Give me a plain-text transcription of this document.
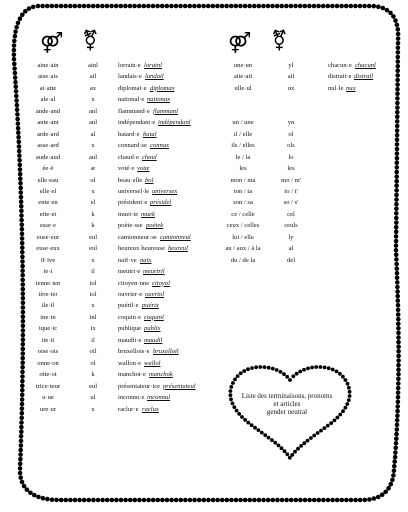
⚤ ⚧	⚤ ⚧
aine·ain	ainl	lorrain·e lorainl
aise·ais	ail	landais·e landail
ai·atte	ax	diplomat·e diplomax
ale·al	x	national·e nationax
ande·and	anl	flammand·e flammanl
ante·ant	anl	indépendant·e indépendanl
arde·ard	al	batard·e batal
asse·ard	x	connard·se connax
aude·aud	aul	chaud·e chaul
ée·é	æ	voté·e votæ
elle·eau	ol	beau·elle bol
elle·el	x	universel·le universex
ente·en	el	président·e présidel
ette·et	k	muet·te muek
esse·e	k	poète·sse poètek
euse·eur	eul	camionneur·se camionneul
euse·eux	eul	heureux·heureuse heureul
ïf·ïve	x	naïf·ve naïx
ie·i	il	meutri·e meurtril
ienne·ien	iol	citoyen·nne citoyol
ière·ier	iol	ouvrier·e ouvriol
ile·il	x	puéril·e puérix
ine·in	inl	coquin·e coquinl
ique·ic	ix	publique publix
ite·it	il	maudit·e maudil
oise·ois	oil	bruxellois·e bruxelloil
onne·on	ol	wallon·e wallol
otte·ot	k	manchot·e manchok
trice·teur	eul	présentateur·ice présentateul
u·ue	ul	inconnu·e inconnul
ure·ur	x	raclur·e raclux
une·un	yl	chacun·e chacunl
aite·ait	ail	distrait·e distrail
ulle·ul	ux	nul·le nux
un / une	yn
il / elle	ol
ils / elles	ols
le / la	lo
les	les
mon / ma	mo / m'
ton / ta	to / t'
son / sa	so / s'
ce / celle	cel
ceux / celles	ceuls
lui / elle	ly
au / aux / à la	al
du / de la	del
Liste des terminaisons, pronoms
et articles
gender neutral
